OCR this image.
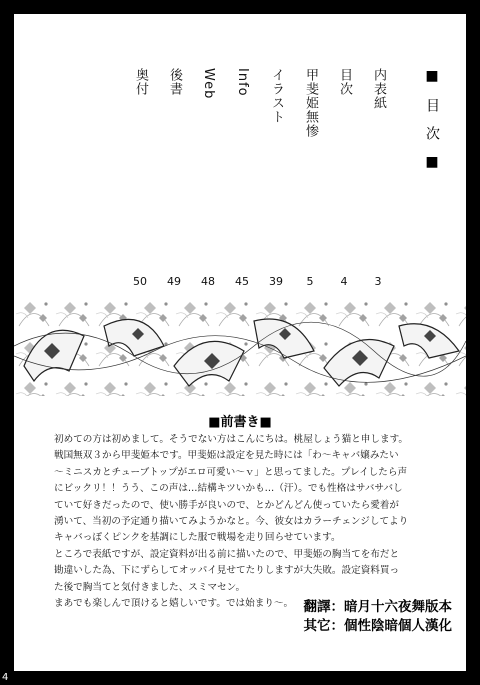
■目次■
内表紙
3
目次
4
甲斐姫無惨
5
イラスト
39
Info
45
Web
48
後書
49
奥付
50
■前書き■

初めての方は初めまして。そうでない方はこんにちは。桃屋しょう猫と申します。

戦国無双３から甲斐姫本です。甲斐姫は設定を見た時には「わ〜キャバ嬢みたい

〜ミニスカとチューブトップがエロ可愛い〜ｖ」と思ってました。プレイしたら声

にビックリ！！うう、この声は…結構キツいかも…（汗）。でも性格はサバサバし

ていて好きだったので、使い勝手が良いので、とかどんどん使っていたら愛着が

湧いて、当初の予定通り描いてみようかなと。今、彼女はカラーチェンジしてより

キャバっぽくピンクを基調にした服で戦場を走り回らせています。

ところで表紙ですが、設定資料が出る前に描いたので、甲斐姫の胸当てを布だと

勘違いした為、下にずらしてオッパイ見せてたりしますが大失敗。設定資料買っ

た後で胸当てと気付きました、スミマセン。

まあでも楽しんで頂けると嬉しいです。では始まり〜。 翻譯：暗月十六夜舞版本
其它：個性陰暗個人漢化
4
